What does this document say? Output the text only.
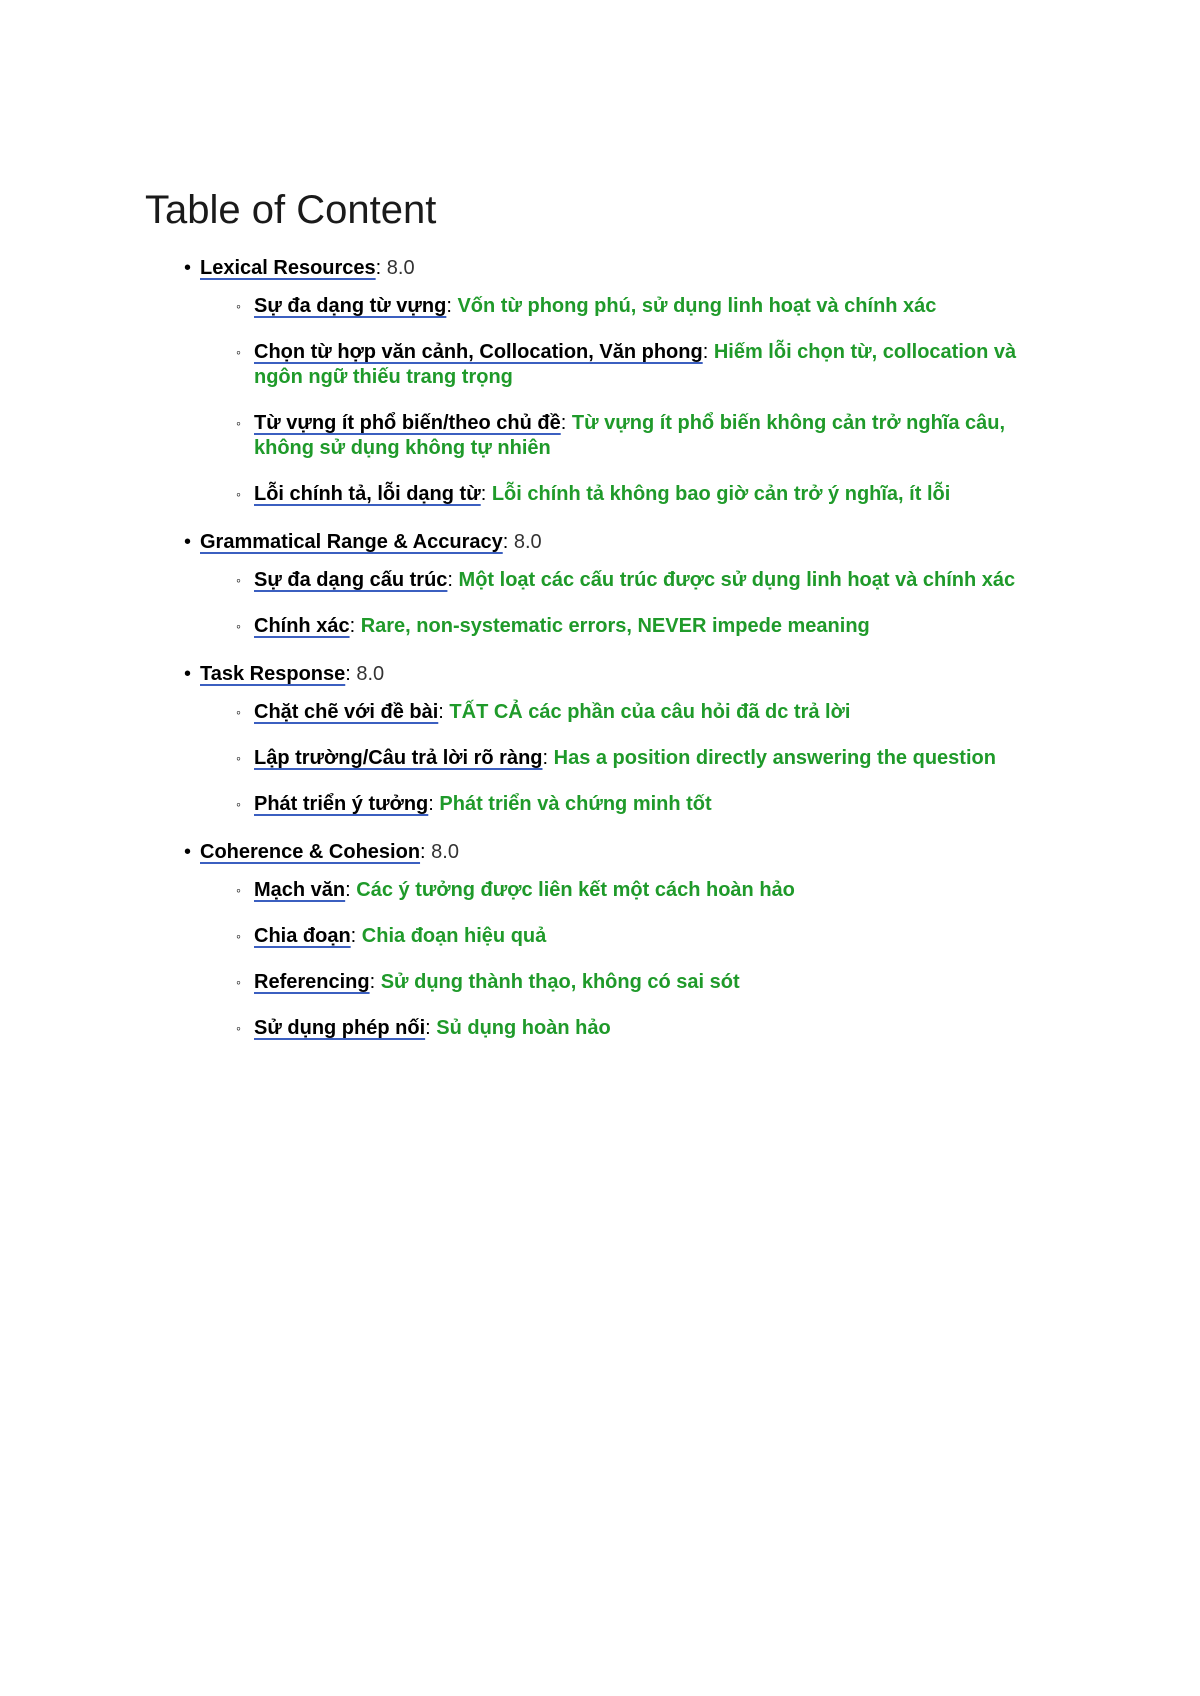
Table of Content
• Lexical Resources: 8.0
◦ Sự đa dạng từ vựng: Vốn từ phong phú, sử dụng linh hoạt và chính xác
◦ Chọn từ hợp văn cảnh, Collocation, Văn phong: Hiếm lỗi chọn từ, collocation và ngôn ngữ thiếu trang trọng
◦ Từ vựng ít phổ biến/theo chủ đề: Từ vựng ít phổ biến không cản trở nghĩa câu, không sử dụng không tự nhiên
◦ Lỗi chính tả, lỗi dạng từ: Lỗi chính tả không bao giờ cản trở ý nghĩa, ít lỗi
• Grammatical Range & Accuracy: 8.0
◦ Sự đa dạng cấu trúc: Một loạt các cấu trúc được sử dụng linh hoạt và chính xác
◦ Chính xác: Rare, non-systematic errors, NEVER impede meaning
• Task Response: 8.0
◦ Chặt chẽ với đề bài: TẤT CẢ các phần của câu hỏi đã dc trả lời
◦ Lập trường/Câu trả lời rõ ràng: Has a position directly answering the question
◦ Phát triển ý tưởng: Phát triển và chứng minh tốt
• Coherence & Cohesion: 8.0
◦ Mạch văn: Các ý tưởng được liên kết một cách hoàn hảo
◦ Chia đoạn: Chia đoạn hiệu quả
◦ Referencing: Sử dụng thành thạo, không có sai sót
◦ Sử dụng phép nối: Sủ dụng hoàn hảo
